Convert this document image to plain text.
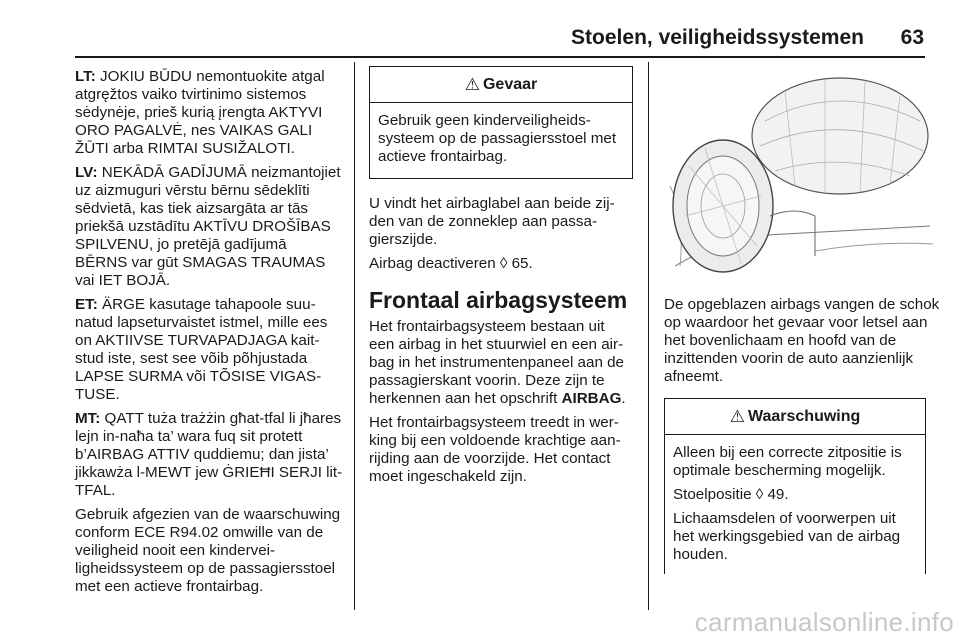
Stoelen, veiligheidssystemen 63

LT: JOKIU BŪDU nemontuokite atgal atgręžtos vaiko tvirtinimo sistemos sėdynėje, prieš kurią įrengta AKTYVI ORO PAGALVĖ, nes VAIKAS GALI ŽŪTI arba RIMTAI SUSIŽALOTI.

LV: NEKĀDĀ GADĪJUMĀ neizmantojiet uz aizmuguri vērstu bērnu sēdeklīti sēdvietā, kas tiek aizsargāta ar tās priekšā uzstādītu AKTĪVU DROŠĪBAS SPILVENU, jo pretējā gadījumā BĒRNS var gūt SMAGAS TRAUMAS vai IET BOJĀ.

ET: ÄRGE kasutage tahapoole suunatud lapseturvaistet istmel, mille ees on AKTIIVSE TURVAPADJAGA kaitstud iste, sest see võib põhjustada LAPSE SURMA või TÕSISE VIGASTUSE.

MT: QATT tuża trażżin għat-tfal li jħares lejn in-naħa ta’ wara fuq sit protett b’AIRBAG ATTIV quddiemu; dan jista’ jikkawża l-MEWT jew ĠRIEĦI SERJI lit-TFAL.

Gebruik afgezien van de waarschuwing conform ECE R94.02 omwille van de veiligheid nooit een kinderveiligheidssysteem op de passagiersstoel met een actieve frontairbag.

⚠ Gevaar

Gebruik geen kinderveiligheidssysteem op de passagiersstoel met actieve frontairbag.

U vindt het airbaglabel aan beide zijden van de zonneklep aan passagierszijde.

Airbag deactiveren ◊ 65.

Frontaal airbagsysteem

Het frontairbagsysteem bestaan uit een airbag in het stuurwiel en een airbag in het instrumentenpaneel aan de passagierskant voorin. Deze zijn te herkennen aan het opschrift AIRBAG.

Het frontairbagsysteem treedt in werking bij een voldoende krachtige aanrijding aan de voorzijde. Het contact moet ingeschakeld zijn.

De opgeblazen airbags vangen de schok op waardoor het gevaar voor letsel aan het bovenlichaam en hoofd van de inzittenden voorin de auto aanzienlijk afneemt.

⚠ Waarschuwing

Alleen bij een correcte zitpositie is optimale bescherming mogelijk.

Stoelpositie ◊ 49.

Lichaamsdelen of voorwerpen uit het werkingsgebied van de airbag houden.

carmanualsonline.info
